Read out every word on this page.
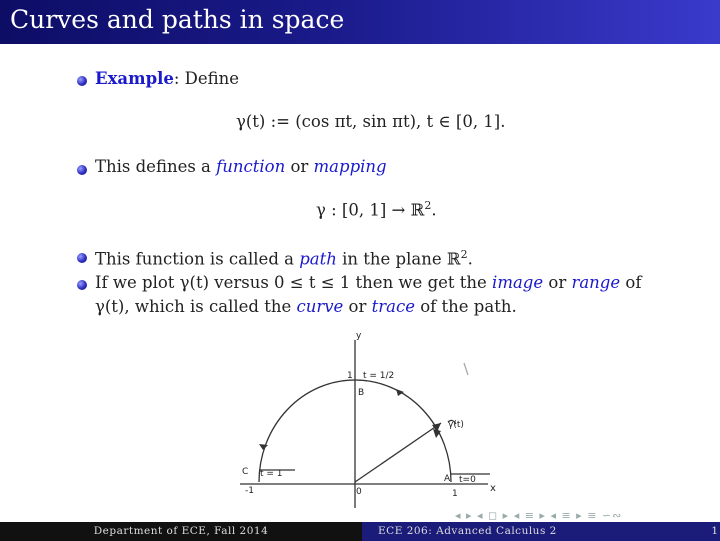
Curves and paths in space
Example: Define
γ(t) := (cos πt, sin πt), t ∈ [0, 1].
This defines a function or mapping
γ : [0, 1] → ℝ$^2$.
This function is called a path in the plane ℝ$^2$.
If we plot γ(t) versus 0 ≤ t ≤ 1 then we get the image or range of
γ(t), which is called the curve or trace of the path.
y
x
t = 1/2
1
B
γ(t)
A t=0
C t = 1
-1	0	1
◂ ▸ ◂ ◻ ▸ ◂ ≡ ▸ ◂ ≡ ▸ ≡ ∽∾
Department of ECE, Fall 2014	ECE 206: Advanced Calculus 2	1
